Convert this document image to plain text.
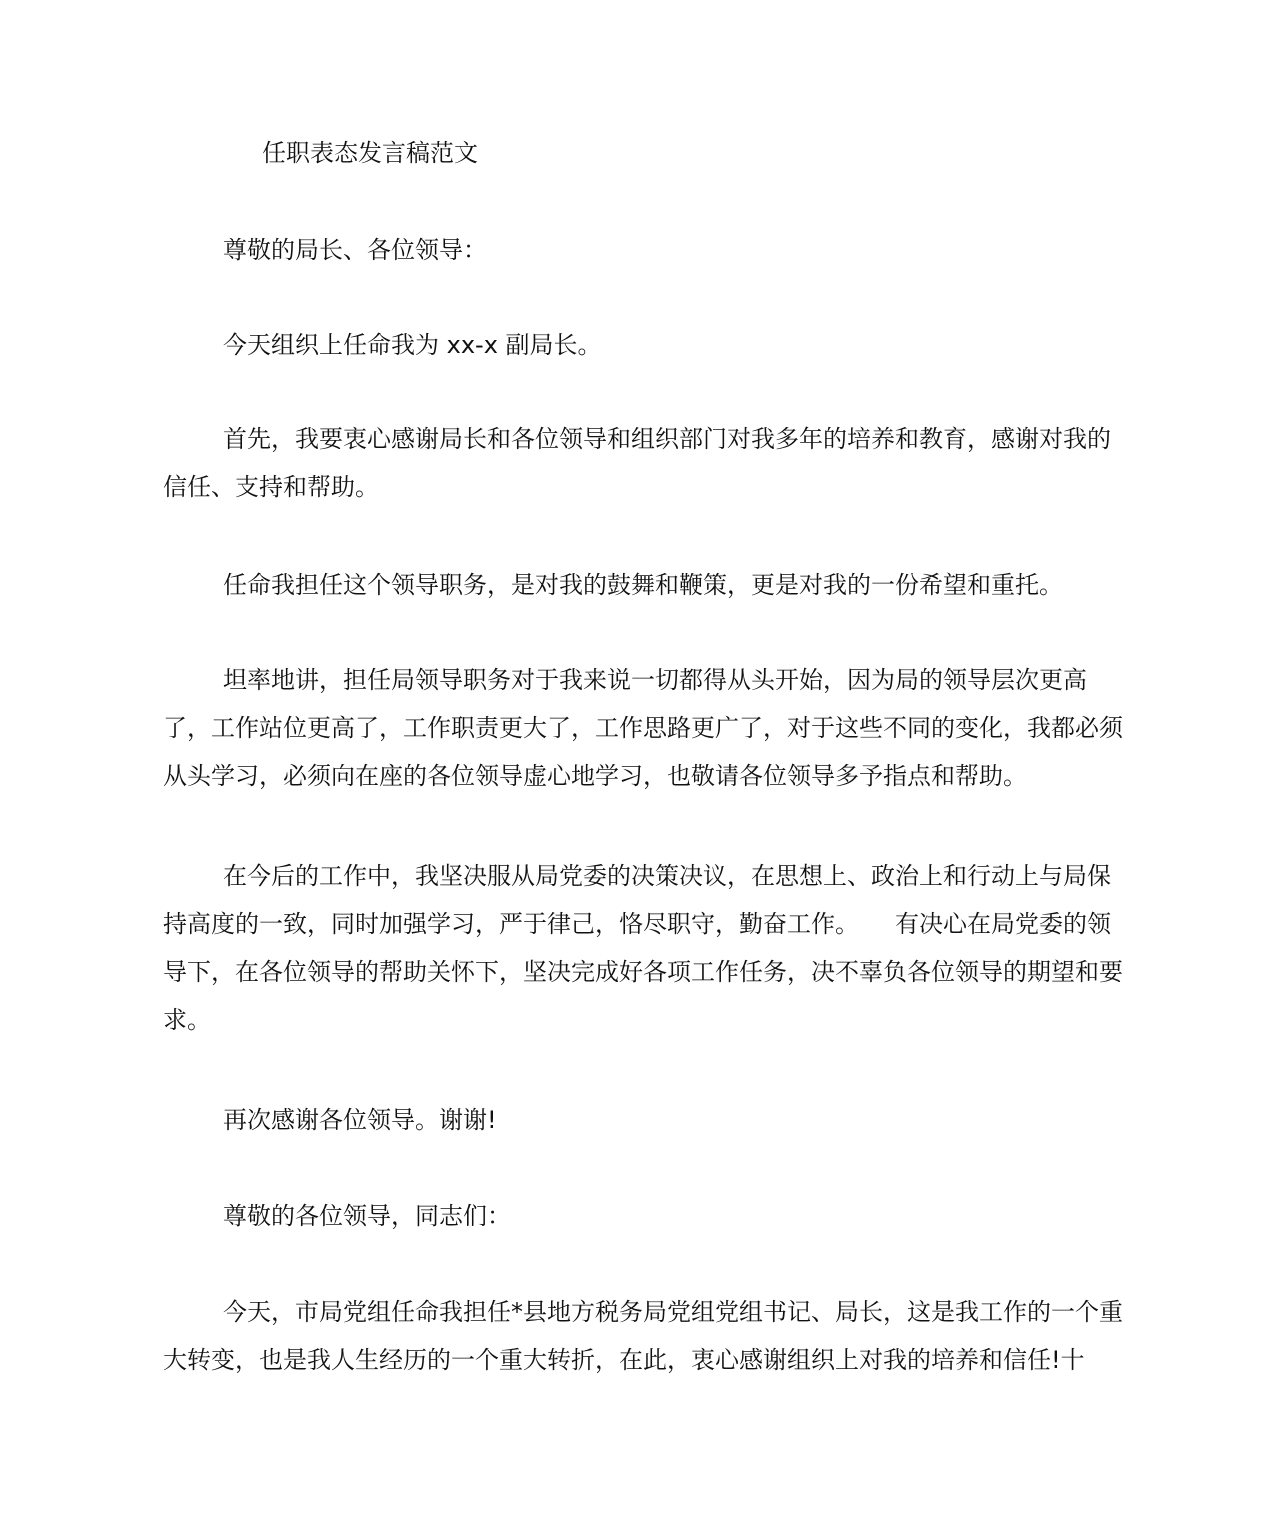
任职表态发言稿范文

尊敬的局长、各位领导：

今天组织上任命我为 xx-x 副局长。

首先，我要衷心感谢局长和各位领导和组织部门对我多年的培养和教育，感谢对我的信任、支持和帮助。

任命我担任这个领导职务，是对我的鼓舞和鞭策，更是对我的一份希望和重托。

坦率地讲，担任局领导职务对于我来说一切都得从头开始，因为局的领导层次更高了，工作站位更高了，工作职责更大了，工作思路更广了，对于这些不同的变化，我都必须从头学习，必须向在座的各位领导虚心地学习，也敬请各位领导多予指点和帮助。

在今后的工作中，我坚决服从局党委的决策决议，在思想上、政治上和行动上与局保持高度的一致，同时加强学习，严于律己，恪尽职守，勤奋工作。　　有决心在局党委的领导下，在各位领导的帮助关怀下，坚决完成好各项工作任务，决不辜负各位领导的期望和要求。

再次感谢各位领导。谢谢!

尊敬的各位领导，同志们：

今天，市局党组任命我担任*县地方税务局党组党组书记、局长，这是我工作的一个重大转变，也是我人生经历的一个重大转折，在此，衷心感谢组织上对我的培养和信任!十
